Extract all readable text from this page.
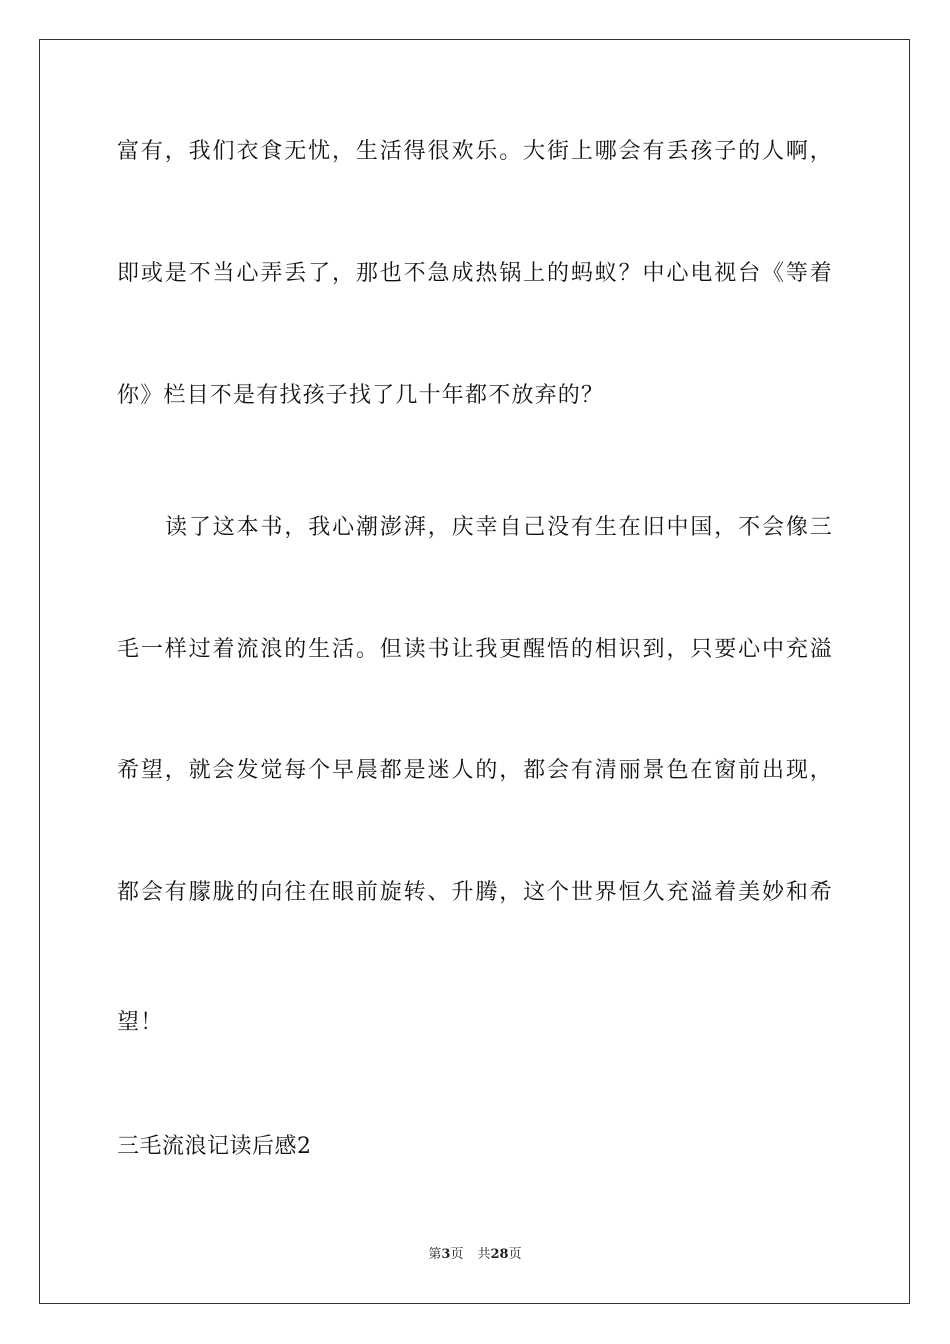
富有，我们衣食无忧，生活得很欢乐。大街上哪会有丢孩子的人啊，
即或是不当心弄丢了，那也不急成热锅上的蚂蚁？中心电视台《等着
你》栏目不是有找孩子找了几十年都不放弃的？
读了这本书，我心潮澎湃，庆幸自己没有生在旧中国，不会像三
毛一样过着流浪的生活。但读书让我更醒悟的相识到，只要心中充溢
希望，就会发觉每个早晨都是迷人的，都会有清丽景色在窗前出现，
都会有朦胧的向往在眼前旋转、升腾，这个世界恒久充溢着美妙和希
望！
三毛流浪记读后感2
第3页 共28页
